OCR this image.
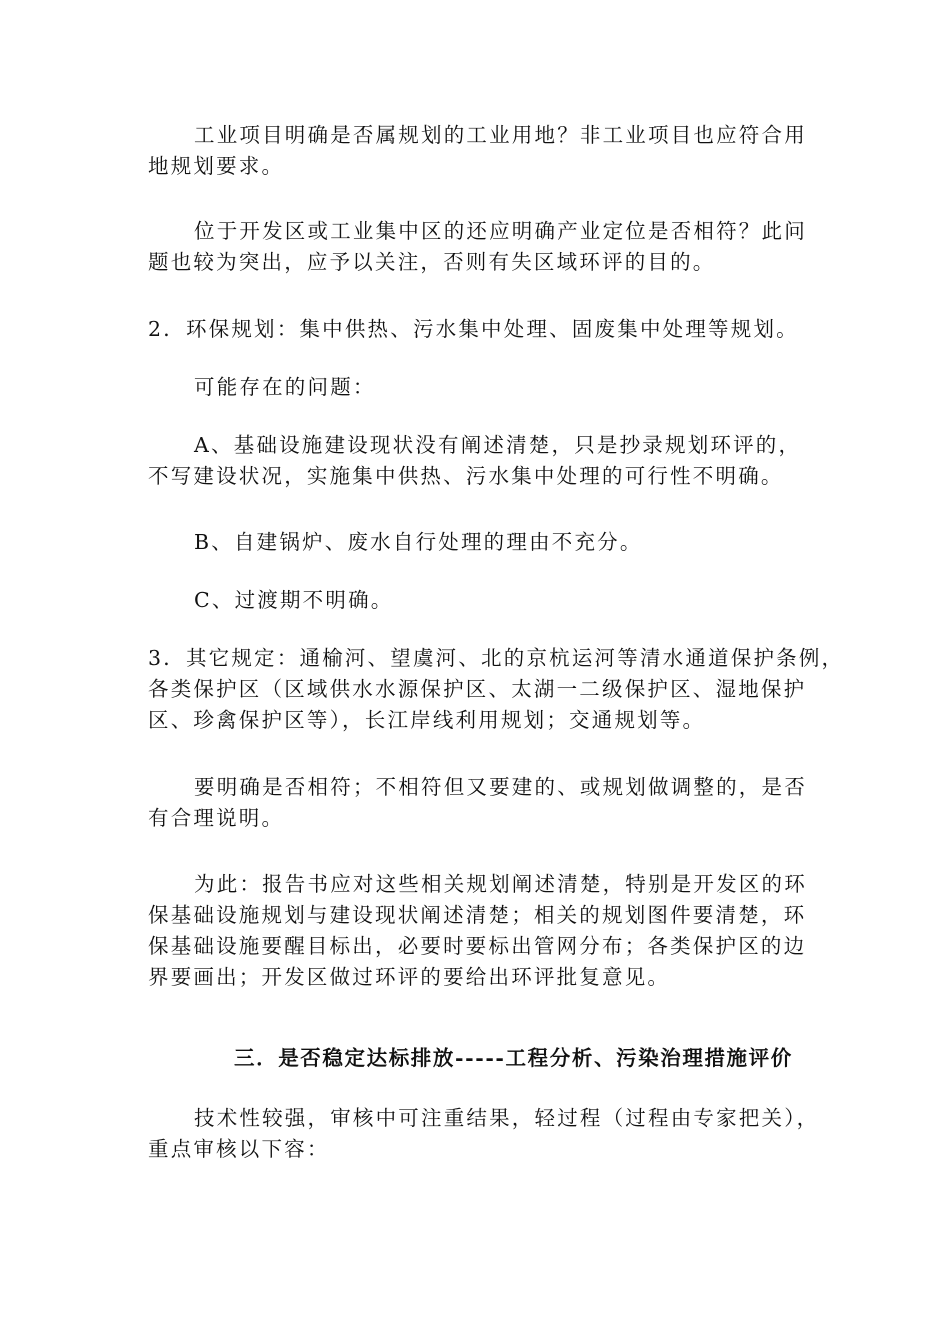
工业项目明确是否属规划的工业用地？非工业项目也应符合用
地规划要求。
位于开发区或工业集中区的还应明确产业定位是否相符？此问
题也较为突出，应予以关注，否则有失区域环评的目的。
2．环保规划：集中供热、污水集中处理、固废集中处理等规划。
可能存在的问题：
A、基础设施建设现状没有阐述清楚，只是抄录规划环评的，
不写建设状况，实施集中供热、污水集中处理的可行性不明确。
B、自建锅炉、废水自行处理的理由不充分。
C、过渡期不明确。
3．其它规定：通榆河、望虞河、北的京杭运河等清水通道保护条例，
各类保护区（区域供水水源保护区、太湖一二级保护区、湿地保护
区、珍禽保护区等），长江岸线利用规划；交通规划等。
要明确是否相符；不相符但又要建的、或规划做调整的，是否
有合理说明。
为此：报告书应对这些相关规划阐述清楚，特别是开发区的环
保基础设施规划与建设现状阐述清楚；相关的规划图件要清楚，环
保基础设施要醒目标出，必要时要标出管网分布；各类保护区的边
界要画出；开发区做过环评的要给出环评批复意见。
三．是否稳定达标排放-----工程分析、污染治理措施评价
技术性较强，审核中可注重结果，轻过程（过程由专家把关），
重点审核以下容：
